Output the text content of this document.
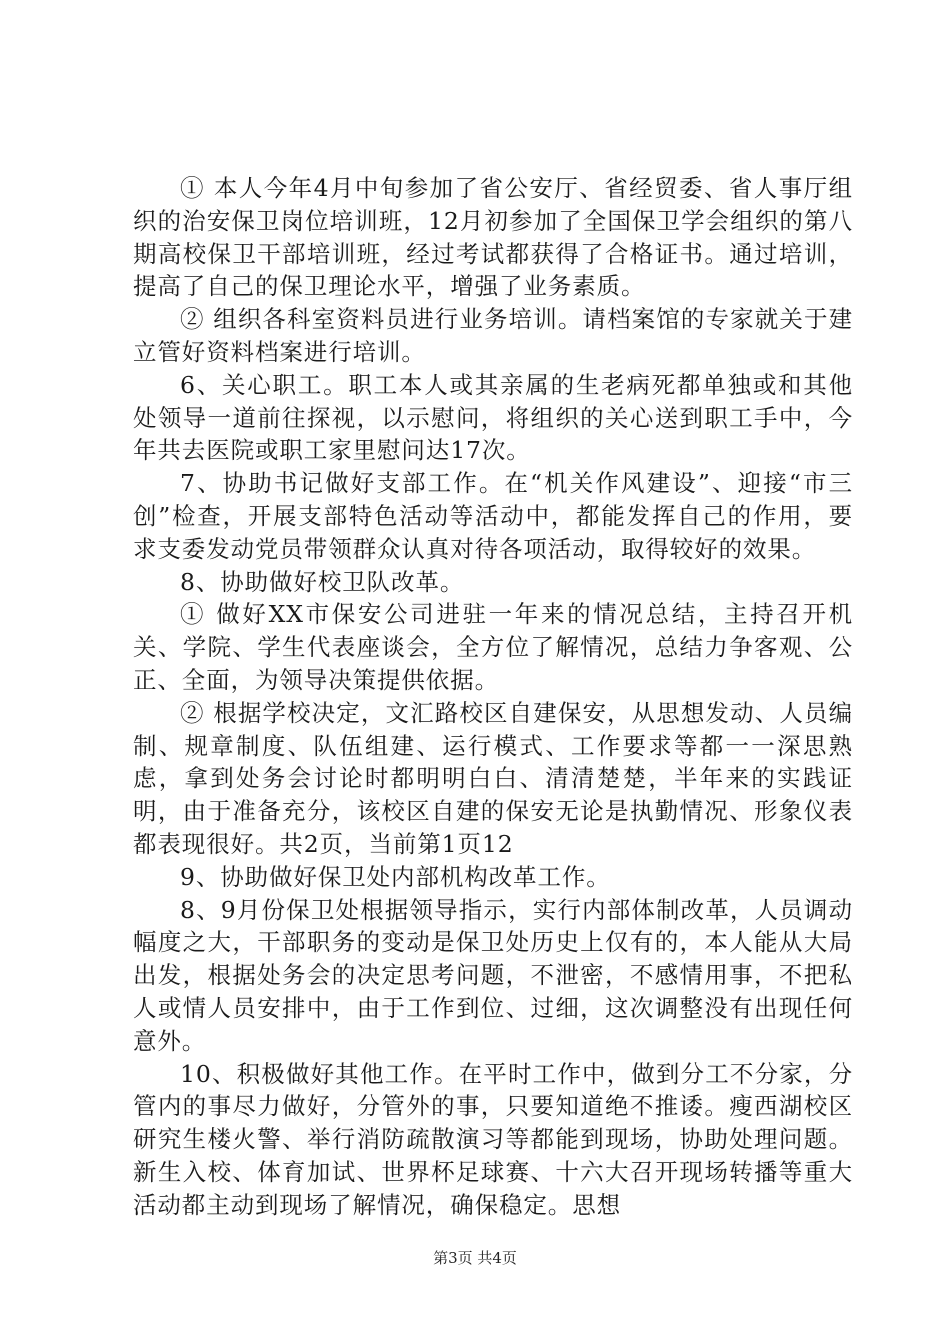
① 本人今年4月中旬参加了省公安厅、省经贸委、省人事厅组织的治安保卫岗位培训班，12月初参加了全国保卫学会组织的第八期高校保卫干部培训班，经过考试都获得了合格证书。通过培训，提高了自己的保卫理论水平，增强了业务素质。

② 组织各科室资料员进行业务培训。请档案馆的专家就关于建立管好资料档案进行培训。

6、关心职工。职工本人或其亲属的生老病死都单独或和其他处领导一道前往探视，以示慰问，将组织的关心送到职工手中，今年共去医院或职工家里慰问达17次。

7、协助书记做好支部工作。在“机关作风建设”、迎接“市三创”检查，开展支部特色活动等活动中，都能发挥自己的作用，要求支委发动党员带领群众认真对待各项活动，取得较好的效果。

8、协助做好校卫队改革。

① 做好XX市保安公司进驻一年来的情况总结，主持召开机关、学院、学生代表座谈会，全方位了解情况，总结力争客观、公正、全面，为领导决策提供依据。

② 根据学校决定，文汇路校区自建保安，从思想发动、人员编制、规章制度、队伍组建、运行模式、工作要求等都一一深思熟虑，拿到处务会讨论时都明明白白、清清楚楚，半年来的实践证明，由于准备充分，该校区自建的保安无论是执勤情况、形象仪表都表现很好。共2页，当前第1页12

9、协助做好保卫处内部机构改革工作。

8、9月份保卫处根据领导指示，实行内部体制改革，人员调动幅度之大，干部职务的变动是保卫处历史上仅有的，本人能从大局出发，根据处务会的决定思考问题，不泄密，不感情用事，不把私人或情人员安排中，由于工作到位、过细，这次调整没有出现任何意外。

10、积极做好其他工作。在平时工作中，做到分工不分家，分管内的事尽力做好，分管外的事，只要知道绝不推诿。瘦西湖校区研究生楼火警、举行消防疏散演习等都能到现场，协助处理问题。新生入校、体育加试、世界杯足球赛、十六大召开现场转播等重大活动都主动到现场了解情况，确保稳定。思想

第3页 共4页
